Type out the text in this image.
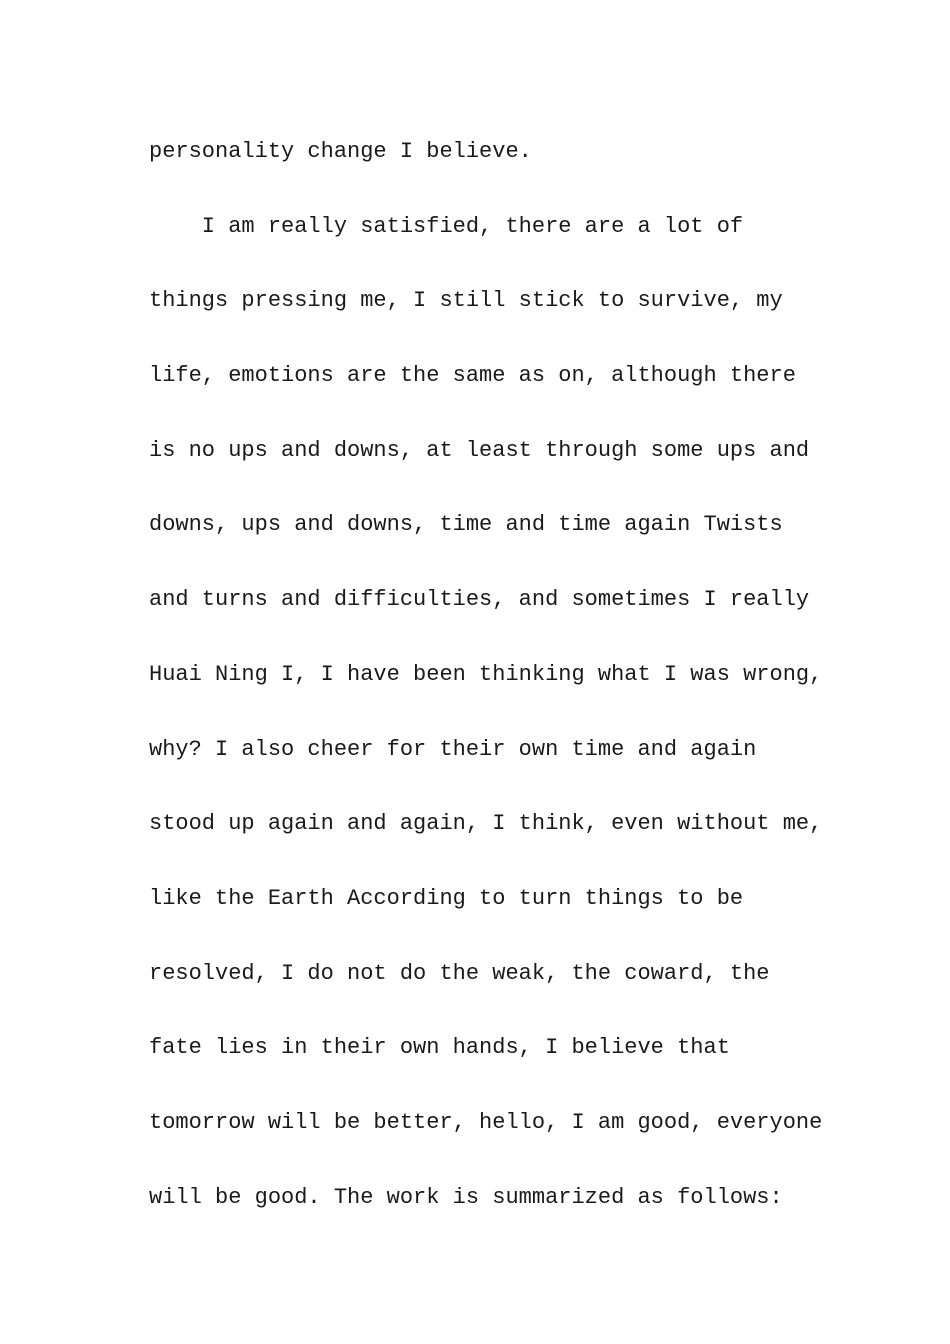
personality change I believe.
I am really satisfied, there are a lot of
things pressing me, I still stick to survive, my
life, emotions are the same as on, although there
is no ups and downs, at least through some ups and
downs, ups and downs, time and time again Twists
and turns and difficulties, and sometimes I really
Huai Ning I, I have been thinking what I was wrong,
why? I also cheer for their own time and again
stood up again and again, I think, even without me,
like the Earth According to turn things to be
resolved, I do not do the weak, the coward, the
fate lies in their own hands, I believe that
tomorrow will be better, hello, I am good, everyone
will be good. The work is summarized as follows:
